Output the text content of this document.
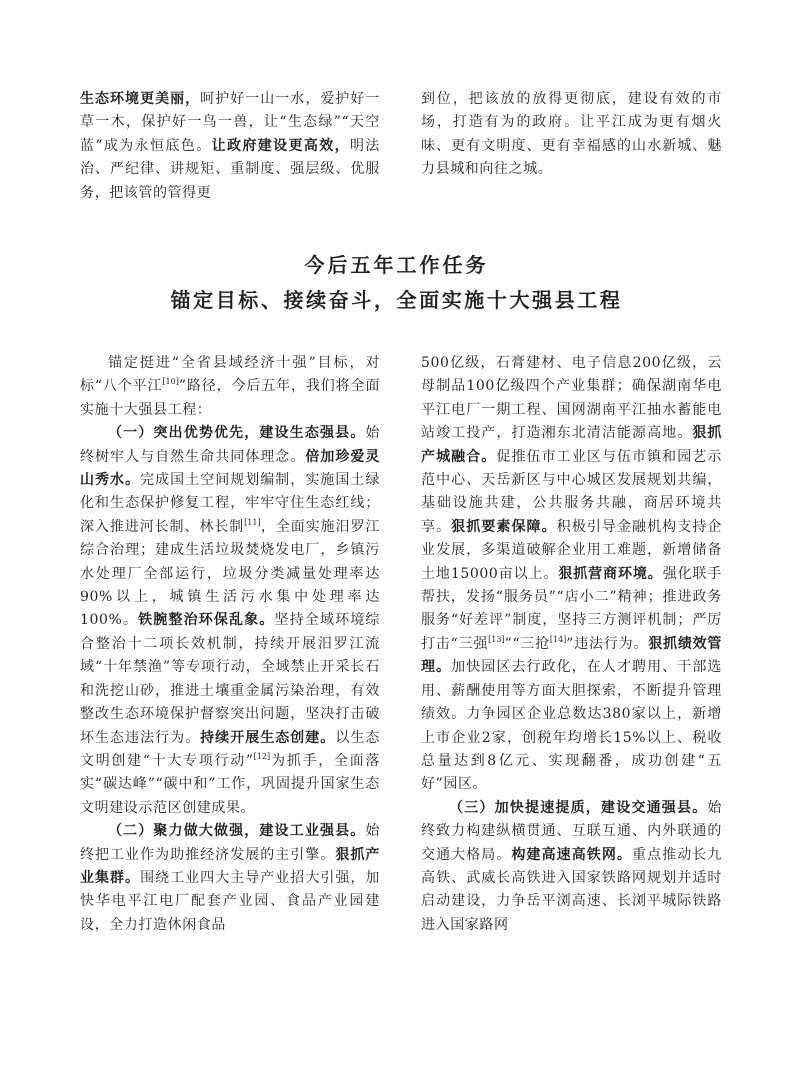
生态环境更美丽，呵护好一山一水，爱护好一草一木，保护好一鸟一兽，让“生态绿”“天空蓝”成为永恒底色。让政府建设更高效，明法治、严纪律、讲规矩、重制度、强层级、优服务，把该管的管得更

到位，把该放的放得更彻底，建设有效的市场，打造有为的政府。让平江成为更有烟火味、更有文明度、更有幸福感的山水新城、魅力县城和向往之城。

今后五年工作任务
锚定目标、接续奋斗，全面实施十大强县工程

锚定挺进“全省县域经济十强”目标，对标“八个平江[10]”路径，今后五年，我们将全面实施十大强县工程：

（一）突出优势优先，建设生态强县。始终树牢人与自然生命共同体理念。倍加珍爱灵山秀水。完成国土空间规划编制，实施国土绿化和生态保护修复工程，牢牢守住生态红线；深入推进河长制、林长制[11]，全面实施汨罗江综合治理；建成生活垃圾焚烧发电厂，乡镇污水处理厂全部运行，垃圾分类减量处理率达90%以上，城镇生活污水集中处理率达100%。铁腕整治环保乱象。坚持全域环境综合整治十二项长效机制，持续开展汨罗江流域“十年禁渔”等专项行动，全域禁止开采长石和洗挖山砂，推进土壤重金属污染治理，有效整改生态环境保护督察突出问题，坚决打击破坏生态违法行为。持续开展生态创建。以生态文明创建“十大专项行动”[12]为抓手，全面落实“碳达峰”“碳中和”工作，巩固提升国家生态文明建设示范区创建成果。

（二）聚力做大做强，建设工业强县。始终把工业作为助推经济发展的主引擎。狠抓产业集群。围绕工业四大主导产业招大引强，加快华电平江电厂配套产业园、食品产业园建设，全力打造休闲食品

500亿级，石膏建材、电子信息200亿级，云母制品100亿级四个产业集群；确保湖南华电平江电厂一期工程、国网湖南平江抽水蓄能电站竣工投产，打造湘东北清洁能源高地。狠抓产城融合。促推伍市工业区与伍市镇和园艺示范中心、天岳新区与中心城区发展规划共编，基础设施共建，公共服务共融，商居环境共享。狠抓要素保障。积极引导金融机构支持企业发展，多渠道破解企业用工难题，新增储备土地15000亩以上。狠抓营商环境。强化联手帮扶，发扬“服务员”“店小二”精神；推进政务服务“好差评”制度，坚持三方测评机制；严厉打击“三强[13]”“三抢[14]”违法行为。狠抓绩效管理。加快园区去行政化，在人才聘用、干部选用、薪酬使用等方面大胆探索，不断提升管理绩效。力争园区企业总数达380家以上，新增上市企业2家，创税年均增长15%以上、税收总量达到8亿元、实现翻番，成功创建“五好”园区。

（三）加快提速提质，建设交通强县。始终致力构建纵横贯通、互联互通、内外联通的交通大格局。构建高速高铁网。重点推动长九高铁、武威长高铁进入国家铁路网规划并适时启动建设，力争岳平浏高速、长浏平城际铁路进入国家路网
